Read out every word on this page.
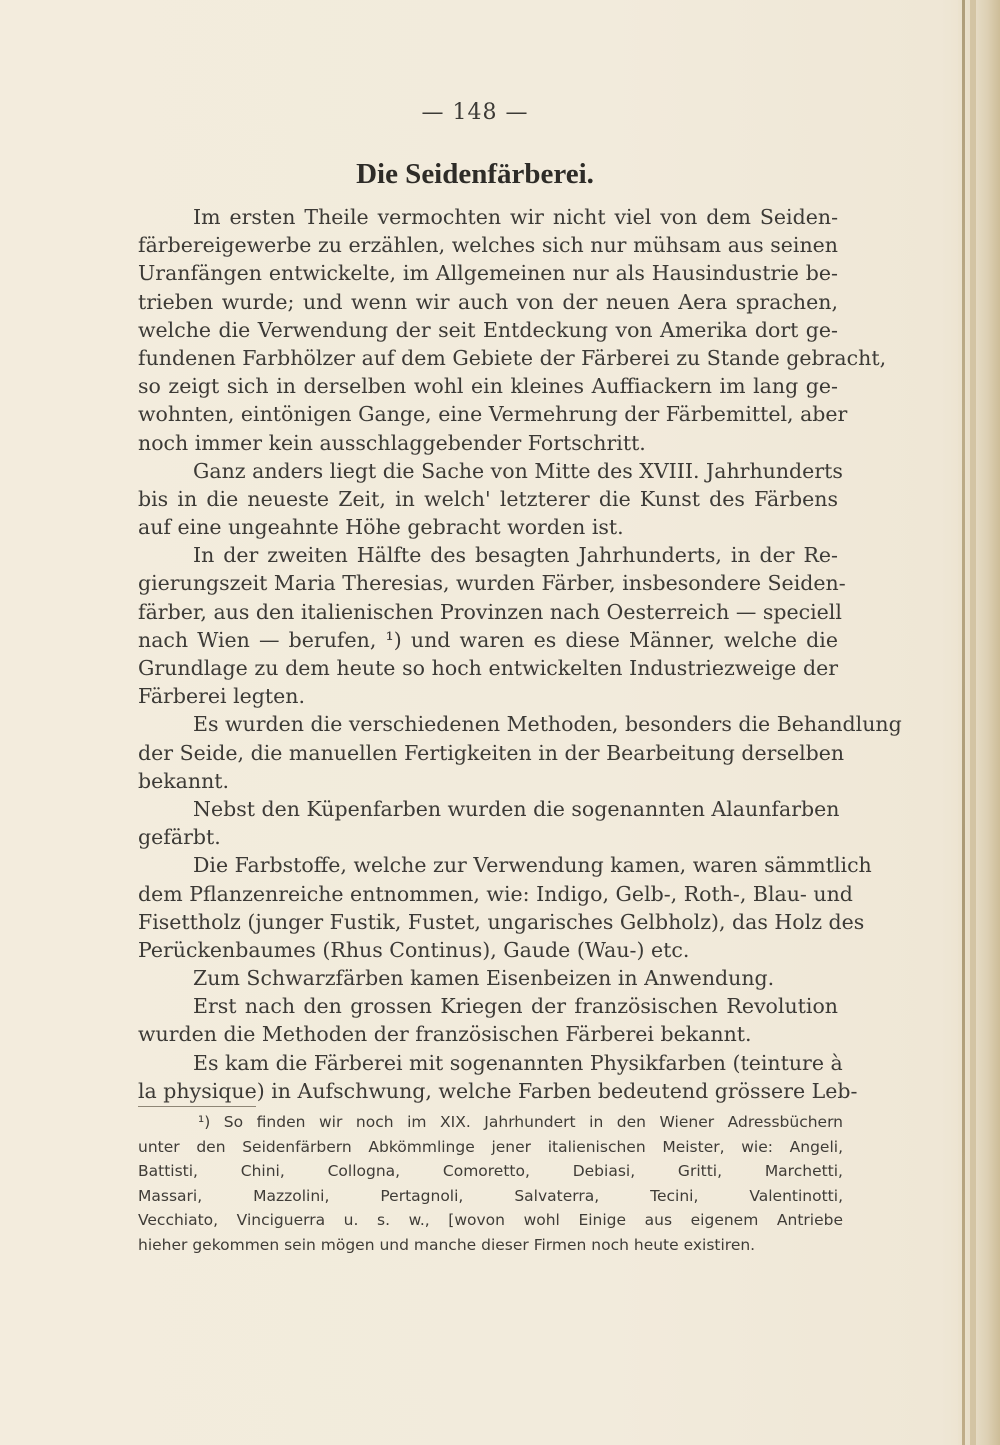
— 148 —
Die Seidenfärberei.
Im ersten Theile vermochten wir nicht viel von dem Seiden-
färbereigewerbe zu erzählen, welches sich nur mühsam aus seinen
Uranfängen entwickelte, im Allgemeinen nur als Hausindustrie be-
trieben wurde; und wenn wir auch von der neuen Aera sprachen,
welche die Verwendung der seit Entdeckung von Amerika dort ge-
fundenen Farbhölzer auf dem Gebiete der Färberei zu Stande gebracht,
so zeigt sich in derselben wohl ein kleines Auffiackern im lang ge-
wohnten, eintönigen Gange, eine Vermehrung der Färbemittel, aber
noch immer kein ausschlaggebender Fortschritt.
Ganz anders liegt die Sache von Mitte des XVIII. Jahrhunderts
bis in die neueste Zeit, in welch' letzterer die Kunst des Färbens
auf eine ungeahnte Höhe gebracht worden ist.
In der zweiten Hälfte des besagten Jahrhunderts, in der Re-
gierungszeit Maria Theresias, wurden Färber, insbesondere Seiden-
färber, aus den italienischen Provinzen nach Oesterreich — speciell
nach Wien — berufen, ¹) und waren es diese Männer, welche die
Grundlage zu dem heute so hoch entwickelten Industriezweige der
Färberei legten.
Es wurden die verschiedenen Methoden, besonders die Behandlung
der Seide, die manuellen Fertigkeiten in der Bearbeitung derselben
bekannt.
Nebst den Küpenfarben wurden die sogenannten Alaunfarben
gefärbt.
Die Farbstoffe, welche zur Verwendung kamen, waren sämmtlich
dem Pflanzenreiche entnommen, wie: Indigo, Gelb-, Roth-, Blau- und
Fisettholz (junger Fustik, Fustet, ungarisches Gelbholz), das Holz des
Perückenbaumes (Rhus Continus), Gaude (Wau-) etc.
Zum Schwarzfärben kamen Eisenbeizen in Anwendung.
Erst nach den grossen Kriegen der französischen Revolution
wurden die Methoden der französischen Färberei bekannt.
Es kam die Färberei mit sogenannten Physikfarben (teinture à
la physique) in Aufschwung, welche Farben bedeutend grössere Leb-
¹) So finden wir noch im XIX. Jahrhundert in den Wiener Adressbüchern
unter den Seidenfärbern Abkömmlinge jener italienischen Meister, wie: Angeli,
Battisti, Chini, Collogna, Comoretto, Debiasi, Gritti, Marchetti,
Massari, Mazzolini, Pertagnoli, Salvaterra, Tecini, Valentinotti,
Vecchiato, Vinciguerra u. s. w., [wovon wohl Einige aus eigenem Antriebe
hieher gekommen sein mögen und manche dieser Firmen noch heute existiren.
